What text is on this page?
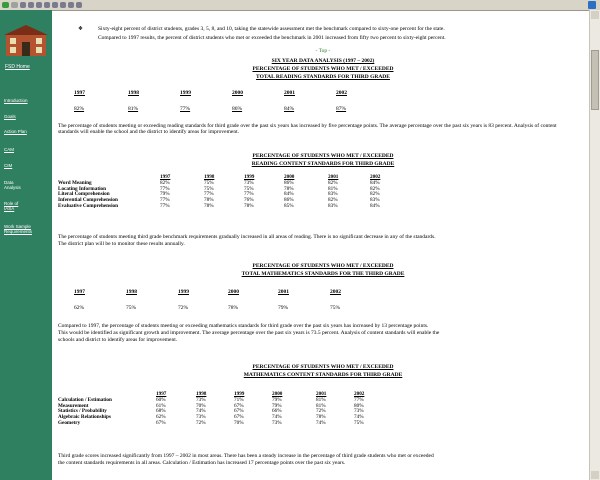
FSD Home
Introduction
Goals
Action Plan
CAM
CIM
Data Analysis
Role of IASA
Work Sample Requirements
❖	Sixty-eight percent of district students, grades 3, 5, 8, and 10, taking the statewide assessment met the benchmark compared to sixty-one percent for the state.
Compared to 1997 results, the percent of district students who met or exceeded the benchmark in 2001 increased from fifty two percent to sixty-eight percent.
- Top -
SIX YEAR DATA ANALYSIS (1997 – 2002)
PERCENTAGE OF STUDENTS WHO MET / EXCEEDED
TOTAL READING STANDARDS FOR THIRD GRADE
1997	1998	1999	2000	2001	2002
82%	81%	77%	86%	84%	87%
The percentage of students meeting or exceeding reading standards for third grade over the past six years has increased by five percentage points. The average percentage over the past six years is 83 percent. Analysis of content standards will enable the school and the district to identify areas for improvement.
PERCENTAGE OF STUDENTS WHO MET / EXCEEDED
READING CONTENT STANDARDS FOR THIRD GRADE
	1997	1998	1999	2000	2001	2002
Word Meaning	82%	75%	73%	86%	82%	84%
Locating Information	77%	75%	75%	78%	81%	82%
Literal Comprehension	79%	77%	77%	84%	83%	82%
Inferential Comprehension	77%	78%	76%	86%	82%	83%
Evaluative Comprehension	77%	78%	78%	85%	83%	84%
The percentage of students meeting third grade benchmark requirements gradually increased in all areas of reading. There is no significant decrease in any of the standards.
The district plan will be to monitor these results annually.
PERCENTAGE OF STUDENTS WHO MET / EXCEEDED
TOTAL MATHEMATICS STANDARDS FOR THE THIRD GRADE
1997	1998	1999	2000	2001	2002
62%	75%	72%	78%	79%	75%
Compared to 1997, the percentage of students meeting or exceeding mathematics standards for third grade over the past six years has increased by 13 percentage points.
This would be identified as significant growth and improvement. The average percentage over the past six years is 73.5 percent. Analysis of content standards will enable the
schools and district to identify areas for improvement.
PERCENTAGE OF STUDENTS WHO MET / EXCEEDED
MATHEMATICS CONTENT STANDARDS FOR THIRD GRADE
	1997	1998	1999	2000	2001	2002
Calculation / Estimation	60%	73%	71%	79%	81%	77%
Measurement	61%	70%	67%	79%	81%	80%
Statistics / Probability	68%	74%	67%	66%	72%	73%
Algebraic Relationships	62%	73%	67%	74%	78%	74%
Geometry	67%	72%	70%	73%	74%	75%
Third grade scores increased significantly from 1997 – 2002 in most areas. There has been a steady increase in the percentage of third grade students who met or exceeded
the content standards requirements in all areas. Calculation / Estimation has increased 17 percentage points over the past six years.
